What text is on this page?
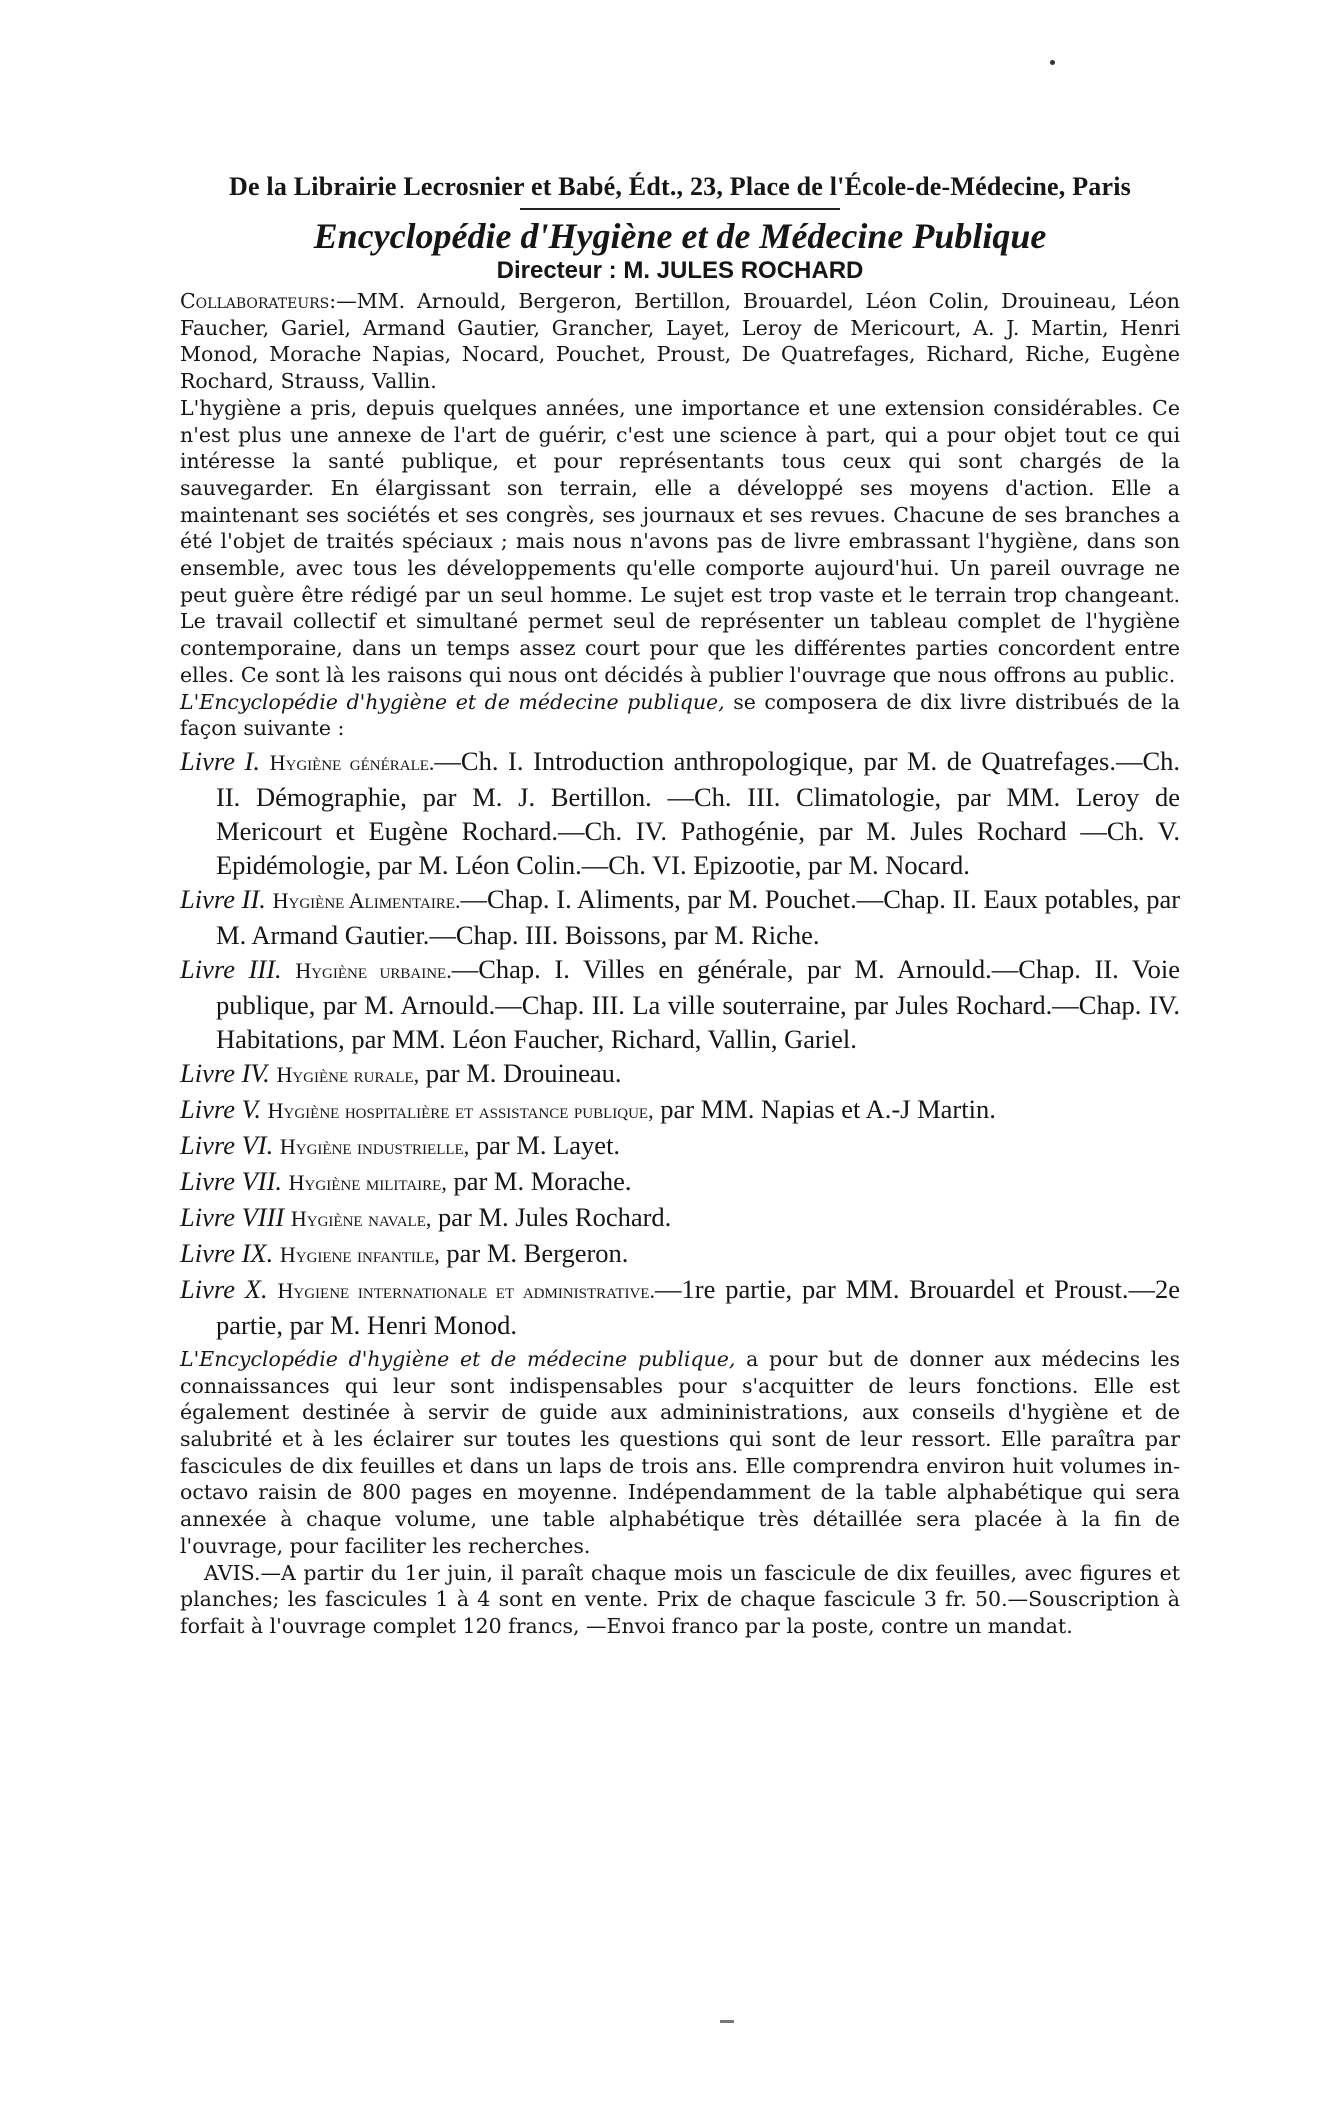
De la Librairie Lecrosnier et Babé, Édt., 23, Place de l'École-de-Médecine, Paris
Encyclopédie d'Hygiène et de Médecine Publique
Directeur : M. JULES ROCHARD

Collaborateurs:—MM. Arnould, Bergeron, Bertillon, Brouardel, Léon Colin, Drouineau, Léon Faucher, Gariel, Armand Gautier, Grancher, Layet, Leroy de Mericourt, A. J. Martin, Henri Monod, Morache Napias, Nocard, Pouchet, Proust, De Quatrefages, Richard, Riche, Eugène Rochard, Strauss, Vallin.

L'hygiène a pris, depuis quelques années, une importance et une extension considérables. Ce n'est plus une annexe de l'art de guérir, c'est une science à part, qui a pour objet tout ce qui intéresse la santé publique, et pour représentants tous ceux qui sont chargés de la sauvegarder. En élargissant son terrain, elle a développé ses moyens d'action. Elle a maintenant ses sociétés et ses congrès, ses journaux et ses revues. Chacune de ses branches a été l'objet de traités spéciaux ; mais nous n'avons pas de livre embrassant l'hygiène, dans son ensemble, avec tous les développements qu'elle comporte aujourd'hui. Un pareil ouvrage ne peut guère être rédigé par un seul homme. Le sujet est trop vaste et le terrain trop changeant. Le travail collectif et simultané permet seul de représenter un tableau complet de l'hygiène contemporaine, dans un temps assez court pour que les différentes parties concordent entre elles. Ce sont là les raisons qui nous ont décidés à publier l'ouvrage que nous offrons au public.

L'Encyclopédie d'hygiène et de médecine publique, se composera de dix livre distribués de la façon suivante :

Livre I. Hygiène générale.—Ch. I. Introduction anthropologique, par M. de Quatrefages.—Ch. II. Démographie, par M. J. Bertillon. —Ch. III. Climatologie, par MM. Leroy de Mericourt et Eugène Rochard.—Ch. IV. Pathogénie, par M. Jules Rochard —Ch. V. Epidémologie, par M. Léon Colin.—Ch. VI. Epizootie, par M. Nocard.

Livre II. Hygiène Alimentaire.—Chap. I. Aliments, par M. Pouchet.—Chap. II. Eaux potables, par M. Armand Gautier.—Chap. III. Boissons, par M. Riche.

Livre III. Hygiène urbaine.—Chap. I. Villes en générale, par M. Arnould.—Chap. II. Voie publique, par M. Arnould.—Chap. III. La ville souterraine, par Jules Rochard.—Chap. IV. Habitations, par MM. Léon Faucher, Richard, Vallin, Gariel.

Livre IV. Hygiène rurale, par M. Drouineau.

Livre V. Hygiène hospitalière et assistance publique, par MM. Napias et A.-J Martin.

Livre VI. Hygiène industrielle, par M. Layet.

Livre VII. Hygiène militaire, par M. Morache.

Livre VIII Hygiène navale, par M. Jules Rochard.

Livre IX. Hygiene infantile, par M. Bergeron.

Livre X. Hygiene internationale et administrative.—1re partie, par MM. Brouardel et Proust.—2e partie, par M. Henri Monod.

L'Encyclopédie d'hygiène et de médecine publique, a pour but de donner aux médecins les connaissances qui leur sont indispensables pour s'acquitter de leurs fonctions. Elle est également destinée à servir de guide aux admininistrations, aux conseils d'hygiène et de salubrité et à les éclairer sur toutes les questions qui sont de leur ressort. Elle paraîtra par fascicules de dix feuilles et dans un laps de trois ans. Elle comprendra environ huit volumes in-octavo raisin de 800 pages en moyenne. Indépendamment de la table alphabétique qui sera annexée à chaque volume, une table alphabétique très détaillée sera placée à la fin de l'ouvrage, pour faciliter les recherches.

AVIS.—A partir du 1er juin, il paraît chaque mois un fascicule de dix feuilles, avec figures et planches; les fascicules 1 à 4 sont en vente. Prix de chaque fascicule 3 fr. 50.—Souscription à forfait à l'ouvrage complet 120 francs, —Envoi franco par la poste, contre un mandat.
